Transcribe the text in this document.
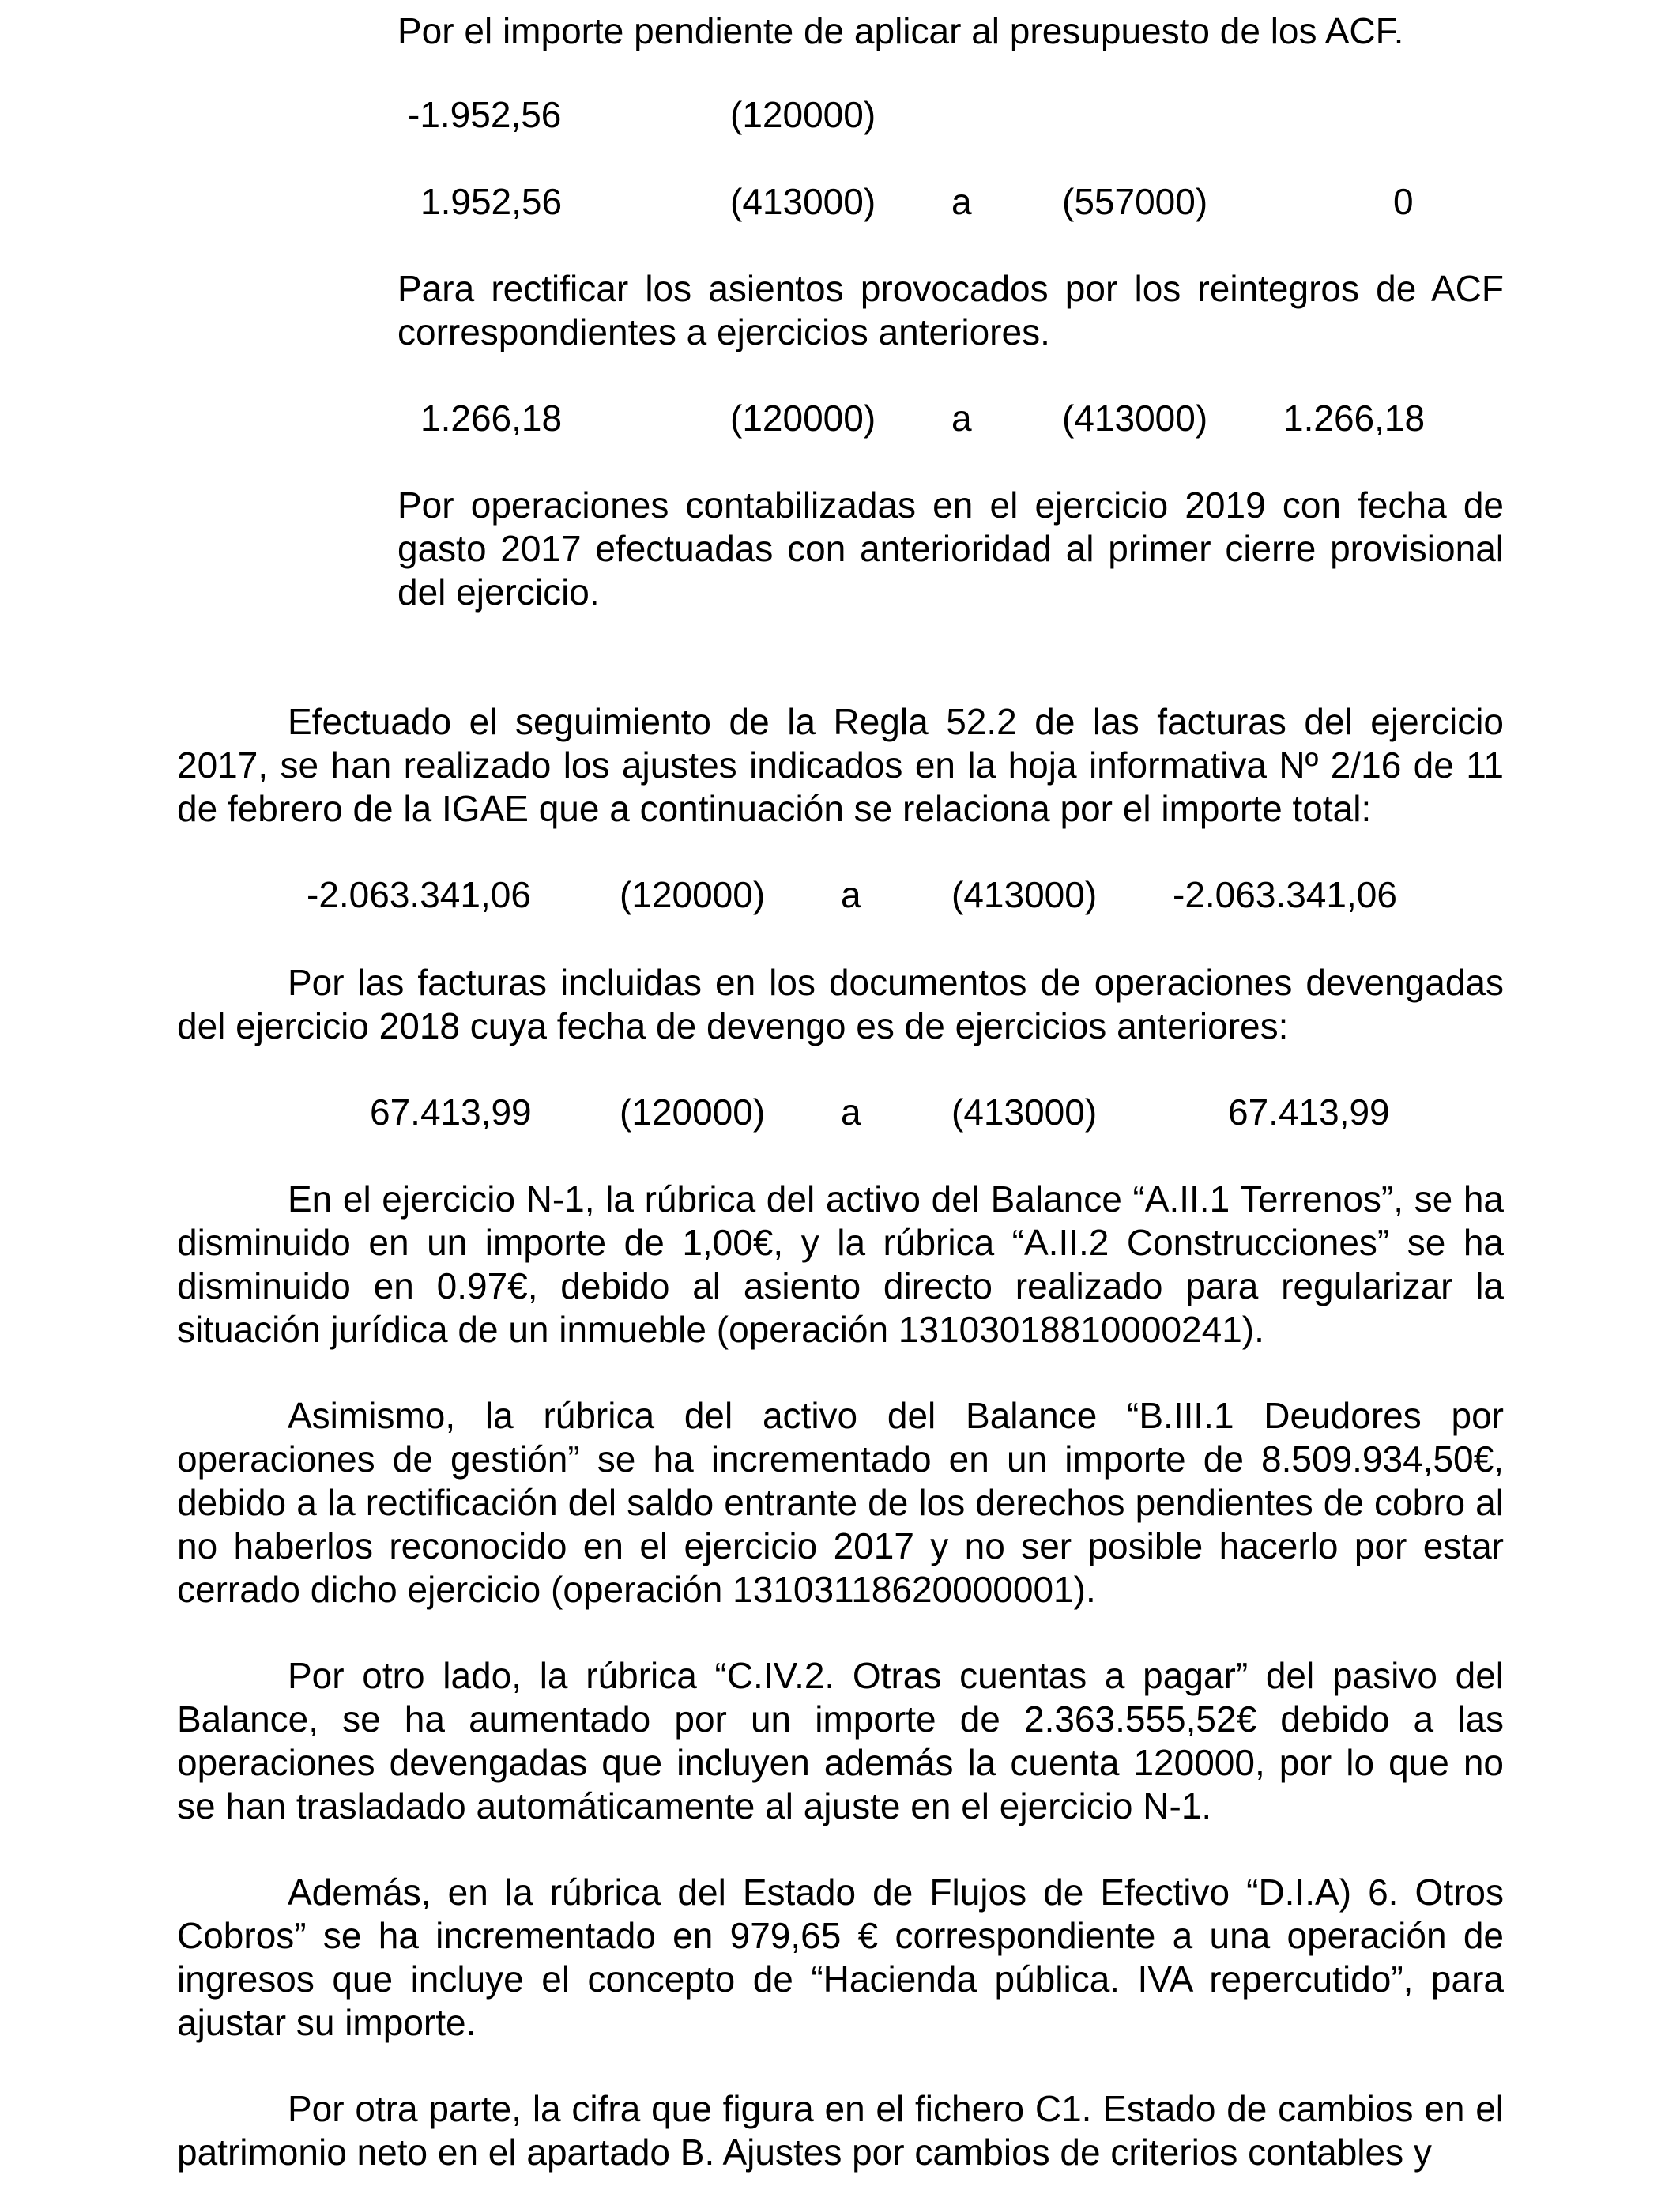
Por el importe pendiente de aplicar al presupuesto de los ACF.

-1.952,56	(120000)
1.952,56	(413000) a (557000)	0

Para rectificar los asientos provocados por los reintegros de ACF correspondientes a ejercicios anteriores.

1.266,18	(120000) a (413000) 1.266,18

Por operaciones contabilizadas en el ejercicio 2019 con fecha de gasto 2017 efectuadas con anterioridad al primer cierre provisional del ejercicio.

Efectuado el seguimiento de la Regla 52.2 de las facturas del ejercicio 2017, se han realizado los ajustes indicados en la hoja informativa Nº 2/16 de 11 de febrero de la IGAE que a continuación se relaciona por el importe total:

-2.063.341,06 (120000) a (413000) -2.063.341,06

Por las facturas incluidas en los documentos de operaciones devengadas del ejercicio 2018 cuya fecha de devengo es de ejercicios anteriores:

67.413,99 (120000) a (413000)	67.413,99

En el ejercicio N-1, la rúbrica del activo del Balance “A.II.1 Terrenos”, se ha disminuido en un importe de 1,00€, y la rúbrica “A.II.2 Construcciones” se ha disminuido en 0.97€, debido al asiento directo realizado para regularizar la situación jurídica de un inmueble (operación 13103018810000241).

Asimismo, la rúbrica del activo del Balance “B.III.1 Deudores por operaciones de gestión” se ha incrementado en un importe de 8.509.934,50€, debido a la rectificación del saldo entrante de los derechos pendientes de cobro al no haberlos reconocido en el ejercicio 2017 y no ser posible hacerlo por estar cerrado dicho ejercicio (operación 13103118620000001).

Por otro lado, la rúbrica “C.IV.2. Otras cuentas a pagar” del pasivo del Balance, se ha aumentado por un importe de 2.363.555,52€ debido a las operaciones devengadas que incluyen además la cuenta 120000, por lo que no se han trasladado automáticamente al ajuste en el ejercicio N-1.

Además, en la rúbrica del Estado de Flujos de Efectivo “D.I.A) 6. Otros Cobros” se ha incrementado en 979,65 € correspondiente a una operación de ingresos que incluye el concepto de “Hacienda pública. IVA repercutido”, para ajustar su importe.

Por otra parte, la cifra que figura en el fichero C1. Estado de cambios en el patrimonio neto en el apartado B. Ajustes por cambios de criterios contables y
